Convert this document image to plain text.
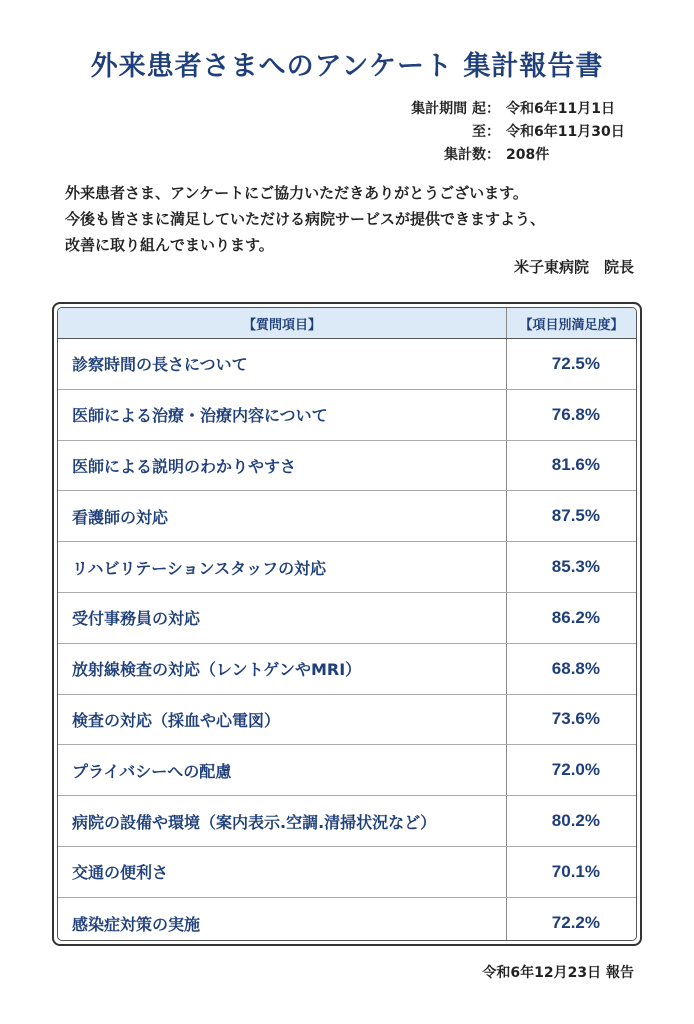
外来患者さまへのアンケート 集計報告書
集計期間 起： 令和6年11月1日
至： 令和6年11月30日
集計数： 208件
外来患者さま、アンケートにご協力いただきありがとうございます。
今後も皆さまに満足していただける病院サービスが提供できますよう、
改善に取り組んでまいります。
米子東病院　院長
【質問項目】	【項目別満足度】
診察時間の長さについて	72.5%
医師による治療・治療内容について	76.8%
医師による説明のわかりやすさ	81.6%
看護師の対応	87.5%
リハビリテーションスタッフの対応	85.3%
受付事務員の対応	86.2%
放射線検査の対応（レントゲンやMRI）	68.8%
検査の対応（採血や心電図）	73.6%
プライバシーへの配慮	72.0%
病院の設備や環境（案内表示.空調.清掃状況など）	80.2%
交通の便利さ	70.1%
感染症対策の実施	72.2%
令和6年12月23日 報告
